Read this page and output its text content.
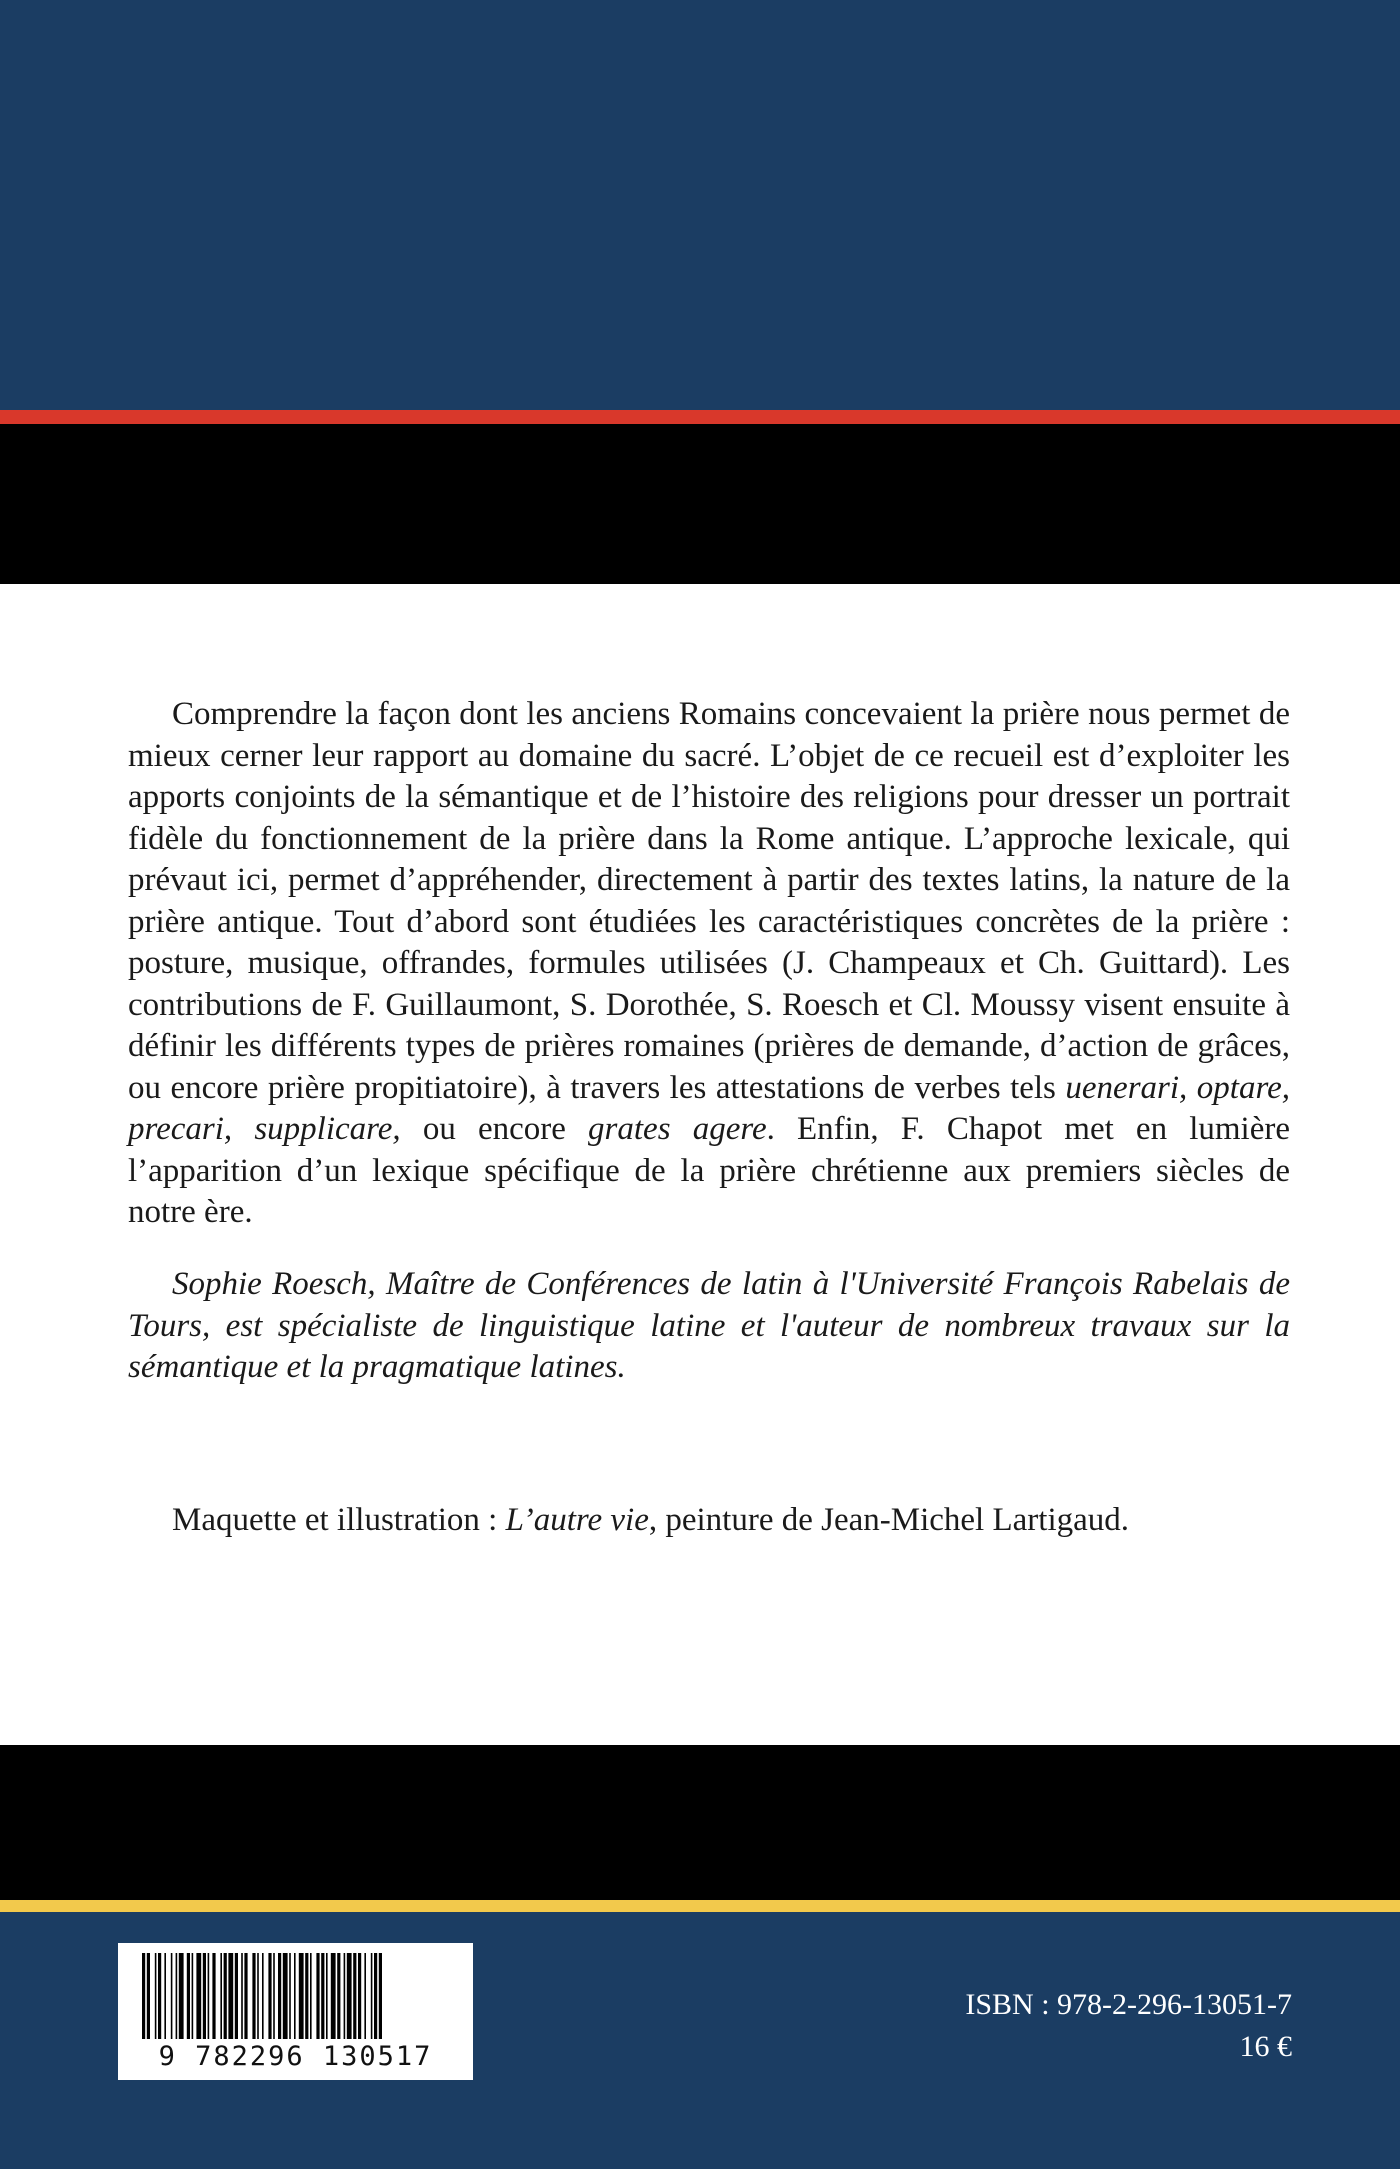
Comprendre la façon dont les anciens Romains concevaient la prière nous permet de mieux cerner leur rapport au domaine du sacré. L’objet de ce recueil est d’exploiter les apports conjoints de la sémantique et de l’histoire des religions pour dresser un portrait fidèle du fonctionnement de la prière dans la Rome antique. L’approche lexicale, qui prévaut ici, permet d’appréhender, directement à partir des textes latins, la nature de la prière antique. Tout d’abord sont étudiées les caractéristiques concrètes de la prière : posture, musique, offrandes, formules utilisées (J. Champeaux et Ch. Guittard). Les contributions de F. Guillaumont, S. Dorothée, S. Roesch et Cl. Moussy visent ensuite à définir les différents types de prières romaines (prières de demande, d’action de grâces, ou encore prière propitiatoire), à travers les attestations de verbes tels uenerari, optare, precari, supplicare, ou encore grates agere. Enfin, F. Chapot met en lumière l’apparition d’un lexique spécifique de la prière chrétienne aux premiers siècles de notre ère.

Sophie Roesch, Maître de Conférences de latin à l'Université François Rabelais de Tours, est spécialiste de linguistique latine et l'auteur de nombreux travaux sur la sémantique et la pragmatique latines.

Maquette et illustration : L’autre vie, peinture de Jean-Michel Lartigaud.

9 782296 130517
ISBN : 978-2-296-13051-7
16 €
